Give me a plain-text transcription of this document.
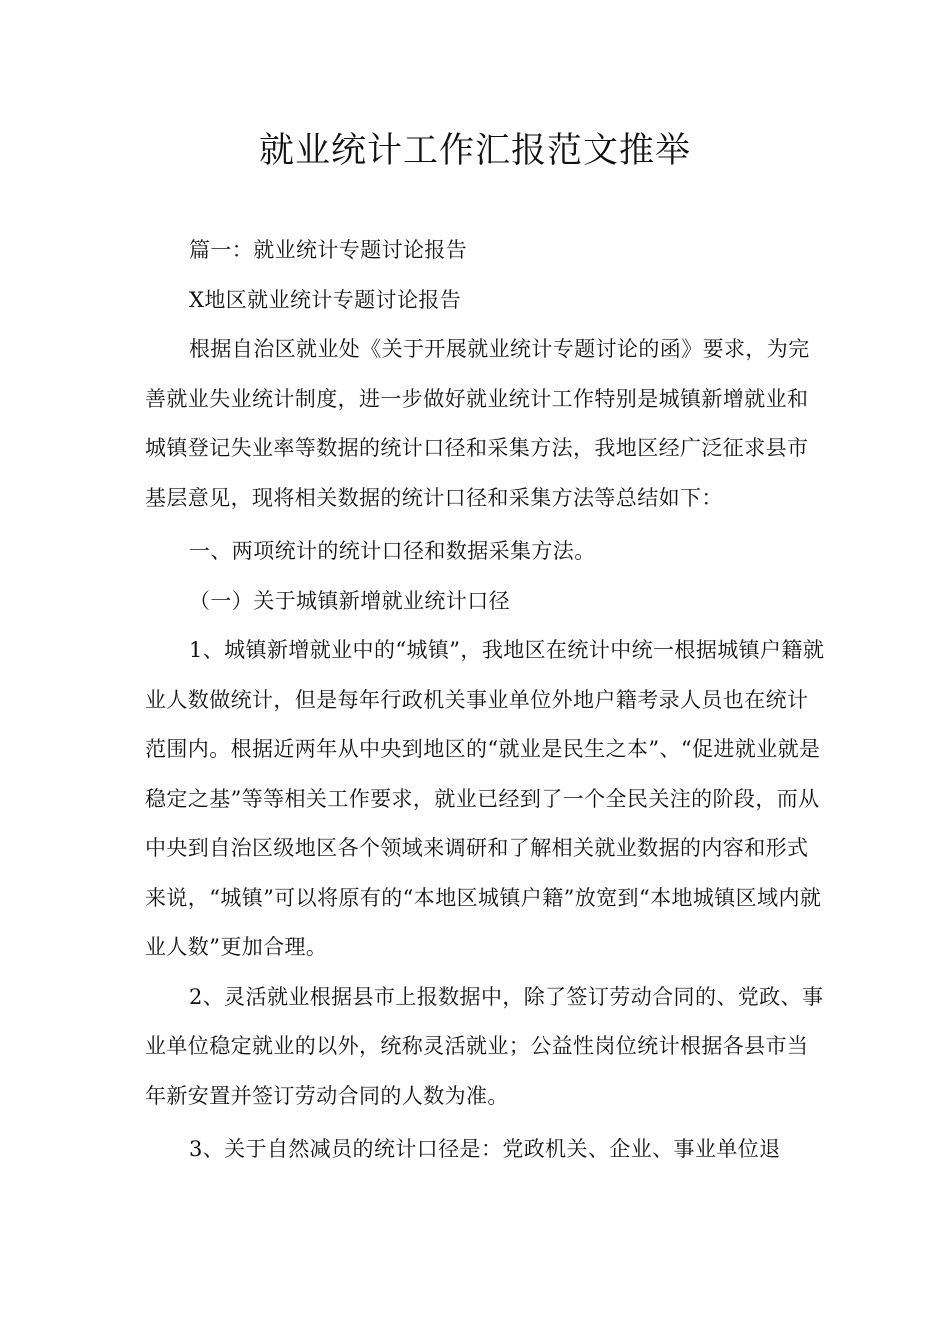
就业统计工作汇报范文推举

篇一：就业统计专题讨论报告

X地区就业统计专题讨论报告

根据自治区就业处《关于开展就业统计专题讨论的函》要求，为完善就业失业统计制度，进一步做好就业统计工作特别是城镇新增就业和城镇登记失业率等数据的统计口径和采集方法，我地区经广泛征求县市基层意见，现将相关数据的统计口径和采集方法等总结如下：

一、两项统计的统计口径和数据采集方法。

（一）关于城镇新增就业统计口径

1、城镇新增就业中的“城镇”，我地区在统计中统一根据城镇户籍就业人数做统计，但是每年行政机关事业单位外地户籍考录人员也在统计范围内。根据近两年从中央到地区的“就业是民生之本”、“促进就业就是稳定之基”等等相关工作要求，就业已经到了一个全民关注的阶段，而从中央到自治区级地区各个领域来调研和了解相关就业数据的内容和形式来说，“城镇”可以将原有的“本地区城镇户籍”放宽到“本地城镇区域内就业人数”更加合理。

2、灵活就业根据县市上报数据中，除了签订劳动合同的、党政、事业单位稳定就业的以外，统称灵活就业；公益性岗位统计根据各县市当年新安置并签订劳动合同的人数为准。

3、关于自然减员的统计口径是：党政机关、企业、事业单位退
